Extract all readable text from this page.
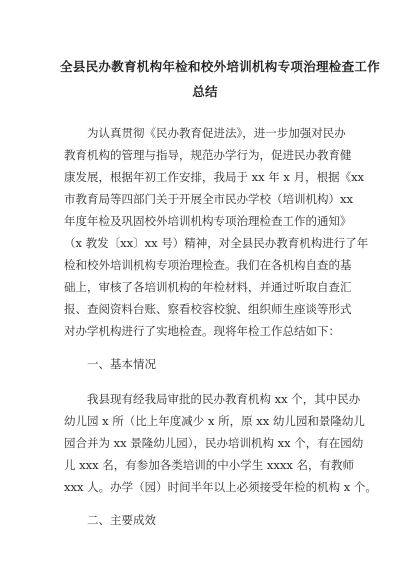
全县民办教育机构年检和校外培训机构专项治理检查工作
总结
为认真贯彻《民办教育促进法》，进一步加强对民办
教育机构的管理与指导，规范办学行为，促进民办教育健
康发展，根据年初工作安排，我局于 xx 年 x 月，根据《xx
市教育局等四部门关于开展全市民办学校（培训机构）xx
年度年检及巩固校外培训机构专项治理检查工作的通知》
（x 教发〔xx〕xx 号）精神，对全县民办教育机构进行了年
检和校外培训机构专项治理检查。我们在各机构自查的基
础上，审核了各培训机构的年检材料，并通过听取自查汇
报、查阅资料台账、察看校容校貌、组织师生座谈等形式
对办学机构进行了实地检查。现将年检工作总结如下：
一、基本情况
我县现有经我局审批的民办教育机构 xx 个，其中民办
幼儿园 x 所（比上年度减少 x 所，原 xx 幼儿园和景隆幼儿
园合并为 xx 景隆幼儿园），民办培训机构 xx 个，有在园幼
儿 xxx 名，有参加各类培训的中小学生 xxxx 名，有教师
xxx 人。办学（园）时间半年以上必须接受年检的机构 x 个。
二、主要成效
